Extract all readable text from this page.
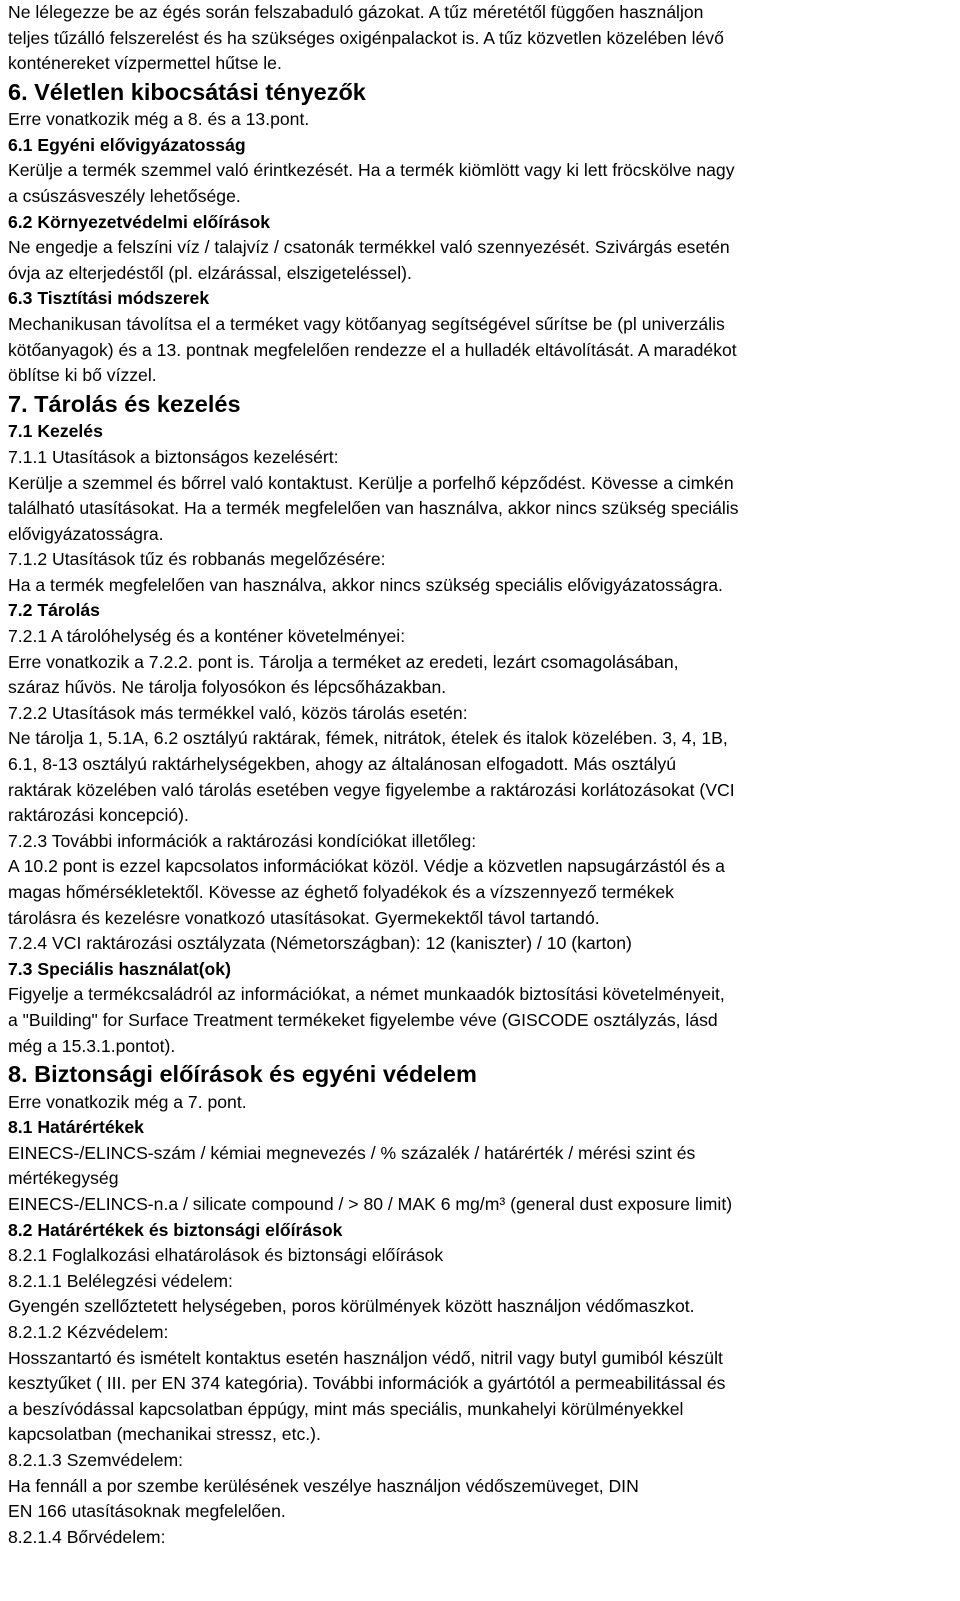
Ne lélegezze be az égés során felszabaduló gázokat. A tűz méretétől függően használjon
teljes tűzálló felszerelést és ha szükséges oxigénpalackot is. A tűz közvetlen közelében lévő
konténereket vízpermettel hűtse le.

6. Véletlen kibocsátási tényezők

Erre vonatkozik még a 8. és a 13.pont.

6.1 Egyéni elővigyázatosság

Kerülje a termék szemmel való érintkezését. Ha a termék kiömlött vagy ki lett fröcskölve nagy
a csúszásveszély lehetősége.

6.2 Környezetvédelmi előírások

Ne engedje a felszíni víz / talajvíz / csatonák termékkel való szennyezését. Szivárgás esetén
óvja az elterjedéstől (pl. elzárással, elszigeteléssel).

6.3 Tisztítási módszerek

Mechanikusan távolítsa el a terméket vagy kötőanyag segítségével sűrítse be (pl univerzális
kötőanyagok) és a 13. pontnak megfelelően rendezze el a hulladék eltávolítását. A maradékot
öblítse ki bő vízzel.

7. Tárolás és kezelés

7.1 Kezelés

7.1.1 Utasítások a biztonságos kezelésért:
Kerülje a szemmel és bőrrel való kontaktust. Kerülje a porfelhő képződést. Kövesse a cimkén
található utasításokat. Ha a termék megfelelően van használva, akkor nincs szükség speciális
elővigyázatosságra.
7.1.2 Utasítások tűz és robbanás megelőzésére:
Ha a termék megfelelően van használva, akkor nincs szükség speciális elővigyázatosságra.

7.2 Tárolás

7.2.1 A tárolóhelység és a konténer követelményei:
Erre vonatkozik a 7.2.2. pont is. Tárolja a terméket az eredeti, lezárt csomagolásában,
száraz hűvös. Ne tárolja folyosókon és lépcsőházakban.
7.2.2 Utasítások más termékkel való, közös tárolás esetén:
Ne tárolja 1, 5.1A, 6.2 osztályú raktárak, fémek, nitrátok, ételek és italok közelében. 3, 4, 1B,
6.1, 8-13 osztályú raktárhelységekben, ahogy az általánosan elfogadott. Más osztályú
raktárak közelében való tárolás esetében vegye figyelembe a raktározási korlátozásokat (VCI
raktározási koncepció).
7.2.3 További információk a raktározási kondíciókat illetőleg:
A 10.2 pont is ezzel kapcsolatos információkat közöl. Védje a közvetlen napsugárzástól és a
magas hőmérsékletektől. Kövesse az éghető folyadékok és a vízszennyező termékek
tárolásra és kezelésre vonatkozó utasításokat. Gyermekektől távol tartandó.
7.2.4 VCI raktározási osztályzata (Németországban): 12 (kaniszter) / 10 (karton)

7.3 Speciális használat(ok)

Figyelje a termékcsaládról az információkat, a német munkaadók biztosítási követelményeit,
a "Building" for Surface Treatment termékeket figyelembe véve (GISCODE osztályzás, lásd
még a 15.3.1.pontot).

8. Biztonsági előírások és egyéni védelem

Erre vonatkozik még a 7. pont.

8.1 Határértékek

EINECS-/ELINCS-szám / kémiai megnevezés / % százalék / határérték / mérési szint és
mértékegység
EINECS-/ELINCS-n.a / silicate compound / > 80 / MAK 6 mg/m³ (general dust exposure limit)

8.2 Határértékek és biztonsági előírások

8.2.1 Foglalkozási elhatárolások és biztonsági előírások
8.2.1.1 Belélegzési védelem:
Gyengén szellőztetett helységeben, poros körülmények között használjon védőmaszkot.
8.2.1.2 Kézvédelem:
Hosszantartó és ismételt kontaktus esetén használjon védő, nitril vagy butyl gumiból készült
kesztyűket ( III. per EN 374 kategória). További információk a gyártótól a permeabilitással és
a beszívódással kapcsolatban éppúgy, mint más speciális, munkahelyi körülményekkel
kapcsolatban (mechanikai stressz, etc.).
8.2.1.3 Szemvédelem:
Ha fennáll a por szembe kerülésének veszélye használjon védőszemüveget, DIN
EN 166 utasításoknak megfelelően.
8.2.1.4 Bőrvédelem:
